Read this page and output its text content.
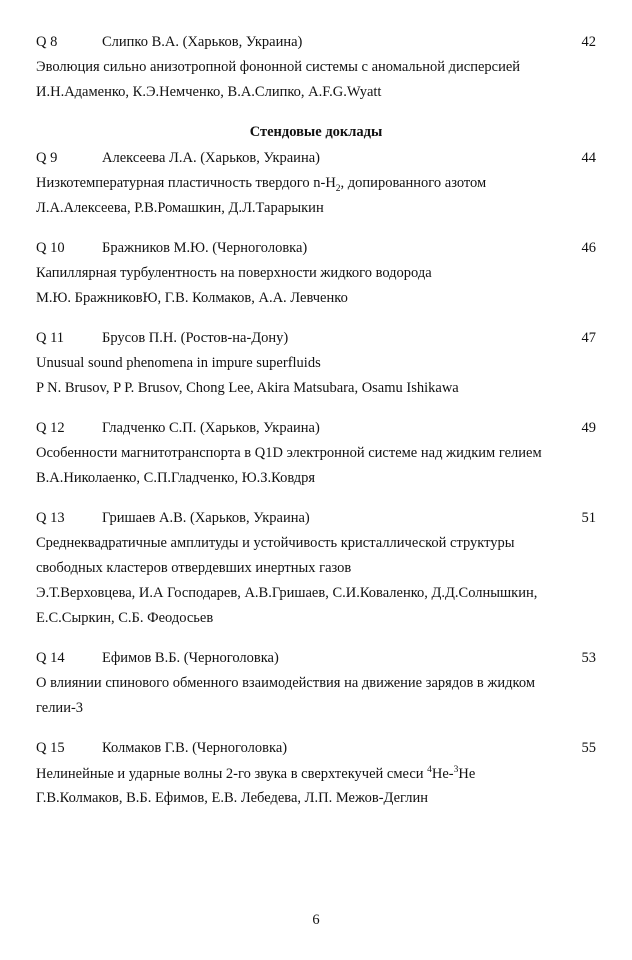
Q 8	Слипко В.А. (Харьков, Украина)	42
Эволюция сильно анизотропной фононной системы с аномальной дисперсией
И.Н.Адаменко, К.Э.Немченко, В.А.Слипко, A.F.G.Wyatt
Стендовые доклады
Q 9	Алексеева Л.А. (Харьков, Украина)	44
Низкотемпературная пластичность твердого $n-H_2$, допированного азотом
Л.А.Алексеева, Р.В.Ромашкин, Д.Л.Тарарыкин
Q 10	Бражников М.Ю. (Черноголовка)	46
Капиллярная турбулентность на поверхности жидкого водорода
М.Ю. БражниковЮ, Г.В. Колмаков, А.А. Левченко
Q 11	Брусов П.Н. (Ростов-на-Дону)	47
Unusual sound phenomena in impure superfluids
P N. Brusov, P P. Brusov, Chong Lee, Akira Matsubara, Osamu Ishikawa
Q 12	Гладченко С.П. (Харьков, Украина)	49
Особенности магнитотранспорта в Q1D электронной системе над жидким гелием
В.А.Николаенко, С.П.Гладченко, Ю.З.Ковдря
Q 13	Гришаев А.В. (Харьков, Украина)	51
Среднеквадратичные амплитуды и устойчивость кристаллической структуры
свободных кластеров отвердевших инертных газов
Э.Т.Верховцева, И.А Господарев, А.В.Гришаев, С.И.Коваленко, Д.Д.Солнышкин,
Е.С.Сыркин, С.Б. Феодосьев
Q 14	Ефимов В.Б. (Черноголовка)	53
О влиянии спинового обменного взаимодействия на движение зарядов в жидком
гелии-3
Q 15	Колмаков Г.В. (Черноголовка)	55
Нелинейные и ударные волны 2-го звука в сверхтекучей смеси $^4$He-$^3$He
Г.В.Колмаков, В.Б. Ефимов, Е.В. Лебедева, Л.П. Межов-Деглин
6
